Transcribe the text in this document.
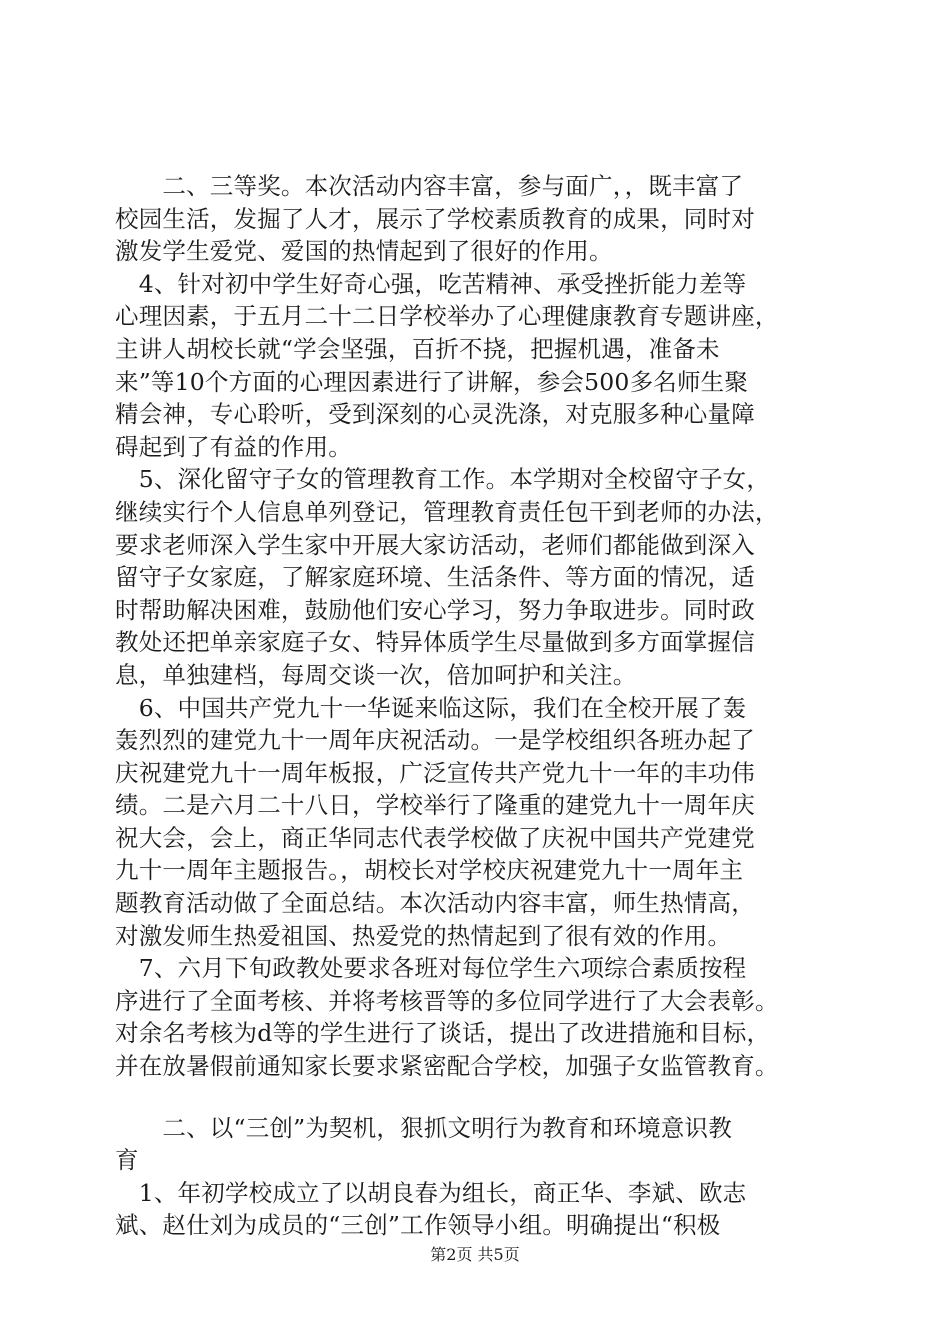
　　二、三等奖。本次活动内容丰富，参与面广，，既丰富了
校园生活，发掘了人才，展示了学校素质教育的成果，同时对
激发学生爱党、爱国的热情起到了很好的作用。
　4、针对初中学生好奇心强，吃苦精神、承受挫折能力差等
心理因素，于五月二十二日学校举办了心理健康教育专题讲座，
主讲人胡校长就“学会坚强，百折不挠，把握机遇，准备未
来”等10个方面的心理因素进行了讲解，参会500多名师生聚
精会神，专心聆听，受到深刻的心灵洗涤，对克服多种心量障
碍起到了有益的作用。
　5、深化留守子女的管理教育工作。本学期对全校留守子女，
继续实行个人信息单列登记，管理教育责任包干到老师的办法，
要求老师深入学生家中开展大家访活动，老师们都能做到深入
留守子女家庭，了解家庭环境、生活条件、等方面的情况，适
时帮助解决困难，鼓励他们安心学习，努力争取进步。同时政
教处还把单亲家庭子女、特异体质学生尽量做到多方面掌握信
息，单独建档，每周交谈一次，倍加呵护和关注。
　6、中国共产党九十一华诞来临这际，我们在全校开展了轰
轰烈烈的建党九十一周年庆祝活动。一是学校组织各班办起了
庆祝建党九十一周年板报，广泛宣传共产党九十一年的丰功伟
绩。二是六月二十八日，学校举行了隆重的建党九十一周年庆
祝大会，会上，商正华同志代表学校做了庆祝中国共产党建党
九十一周年主题报告。，胡校长对学校庆祝建党九十一周年主
题教育活动做了全面总结。本次活动内容丰富，师生热情高，
对激发师生热爱祖国、热爱党的热情起到了很有效的作用。
　7、六月下旬政教处要求各班对每位学生六项综合素质按程
序进行了全面考核、并将考核晋等的多位同学进行了大会表彰。
对余名考核为d等的学生进行了谈话，提出了改进措施和目标，
并在放暑假前通知家长要求紧密配合学校，加强子女监管教育。
　　二、以“三创”为契机，狠抓文明行为教育和环境意识教
育
　1、年初学校成立了以胡良春为组长，商正华、李斌、欧志
斌、赵仕刘为成员的“三创”工作领导小组。明确提出“积极
第2页 共5页
